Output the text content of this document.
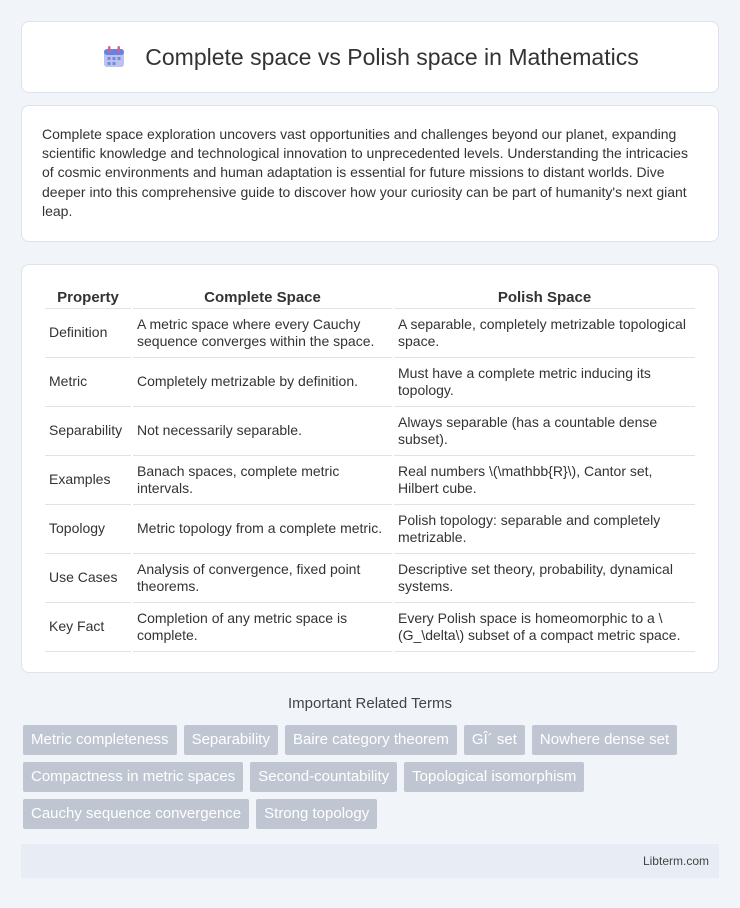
Complete space vs Polish space in Mathematics

Complete space exploration uncovers vast opportunities and challenges beyond our planet, expanding scientific knowledge and technological innovation to unprecedented levels. Understanding the intricacies of cosmic environments and human adaptation is essential for future missions to distant worlds. Dive deeper into this comprehensive guide to discover how your curiosity can be part of humanity's next giant leap.

Property	Complete Space	Polish Space
Definition	A metric space where every Cauchy sequence converges within the space.	A separable, completely metrizable topological space.
Metric	Completely metrizable by definition.	Must have a complete metric inducing its topology.
Separability	Not necessarily separable.	Always separable (has a countable dense subset).
Examples	Banach spaces, complete metric intervals.	Real numbers \(\mathbb{R}\), Cantor set, Hilbert cube.
Topology	Metric topology from a complete metric.	Polish topology: separable and completely metrizable.
Use Cases	Analysis of convergence, fixed point theorems.	Descriptive set theory, probability, dynamical systems.
Key Fact	Completion of any metric space is complete.	Every Polish space is homeomorphic to a \(G_\delta\) subset of a compact metric space.
Important Related Terms
Metric completeness	Separability	Baire category theorem	GÎ´ set	Nowhere dense set
Compactness in metric spaces	Second-countability	Topological isomorphism
Cauchy sequence convergence	Strong topology
Libterm.com
